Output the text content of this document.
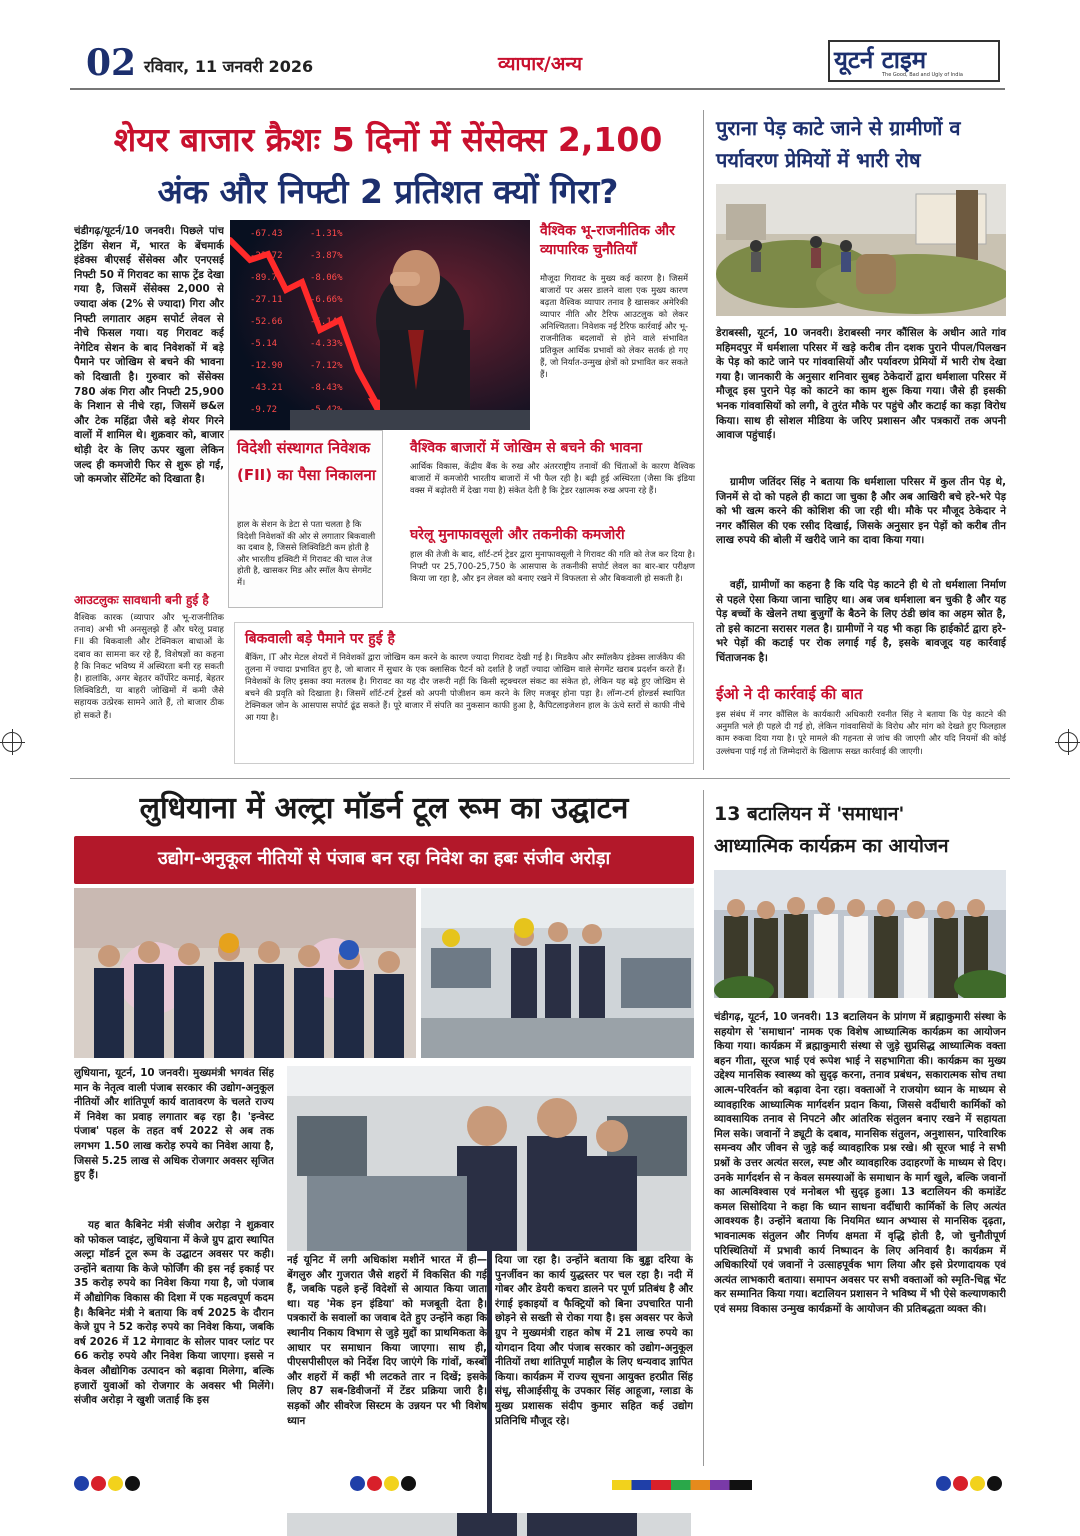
02 रविवार, 11 जनवरी 2026	व्यापार/अन्य	यूटर्न टाइम
The Good, Bad and Ugly of India
शेयर बाजार क्रैशः 5 दिनों में सेंसेक्स 2,100
अंक और निफ्टी 2 प्रतिशत क्यों गिरा?
चंडीगढ़/यूटर्न/10 जनवरी। पिछले पांच ट्रेडिंग सेशन में, भारत के बेंचमार्क इंडेक्स बीएसई सेंसेक्स और एनएसई निफ्टी 50 में गिरावट का साफ ट्रेंड देखा गया है, जिसमें सेंसेक्स 2,000 से ज्यादा अंक (2% से ज्यादा) गिरा और निफ्टी लगातार अहम सपोर्ट लेवल से नीचे फिसल गया। यह गिरावट कई नेगेटिव सेशन के बाद निवेशकों में बड़े पैमाने पर जोखिम से बचने की भावना को दिखाती है। गुरुवार को सेंसेक्स 780 अंक गिरा और निफ्टी 25,900 के निशान से नीचे रहा, जिसमें छ&ल और टेक महिंद्रा जैसे बड़े शेयर गिरने वालों में शामिल थे। शुक्रवार को, बाजार थोड़ी देर के लिए ऊपर खुला लेकिन जल्द ही कमजोरी फिर से शुरू हो गई, जो कमजोर सेंटिमेंट को दिखाता है।
आउटलुकः सावधानी बनी हुई है
वैश्विक कारक (व्यापार और भू-राजनीतिक तनाव) अभी भी अनसुलझे हैं और घरेलू प्रवाह FII की बिकवाली और टेक्निकल बाधाओं के दबाव का सामना कर रहे हैं, विशेषज्ञों का कहना है कि निकट भविष्य में अस्थिरता बनी रह सकती है। हालांकि, अगर बेहतर कॉर्पोरेट कमाई, बेहतर लिक्विडिटी, या बाहरी जोखिमों में कमी जैसे सहायक उत्प्रेरक सामने आते हैं, तो बाजार ठीक हो सकते हैं।
-67.43
-23.72
-89.71
-27.11
-52.66
-5.14
-12.90
-43.21
-9.72
-1.31%
-3.87%
-8.06%
-6.66%
-5.14%
-4.33%
-7.12%
-8.43%
वैश्विक भू-राजनीतिक और व्यापारिक चुनौतियाँ
मौजूदा गिरावट के मुख्य कई कारण है। जिसमें बाजारों पर असर डालने वाला एक मुख्य कारण बढ़ता वैश्विक व्यापार तनाव है खासकर अमेरिकी व्यापार नीति और टैरिफ आउटलुक को लेकर अनिश्चितता। निवेशक नई टैरिफ कार्रवाई और भू-राजनीतिक बदलावों से होने वाले संभावित प्रतिकूल आर्थिक प्रभावों को लेकर सतर्क हो गए हैं, जो निर्यात-उन्मुख क्षेत्रों को प्रभावित कर सकते हैं।
विदेशी संस्थागत निवेशक (FII) का पैसा निकालना
हाल के सेशन के डेटा से पता चलता है कि विदेशी निवेशकों की ओर से लगातार बिकवाली का दबाव है, जिससे लिक्विडिटी कम होती है और भारतीय इक्विटी में गिरावट की चाल तेज होती है, खासकर मिड और स्मॉल कैप सेगमेंट में।
वैश्विक बाजारों में जोखिम से बचने की भावना
आर्थिक विकास, केंद्रीय बैंक के रुख और अंतरराष्ट्रीय तनावों की चिंताओं के कारण वैश्विक बाजारों में कमजोरी भारतीय बाजारों में भी फैल रही है। बढ़ी हुई अस्थिरता (जैसा कि इंडिया वक्स में बढ़ोतरी में देखा गया है) संकेत देती है कि ट्रेडर रक्षात्मक रुख अपना रहे हैं।
घरेलू मुनाफावसूली और तकनीकी कमजोरी
हाल की तेजी के बाद, शॉर्ट-टर्म ट्रेडर द्वारा मुनाफावसूली ने गिरावट की गति को तेज कर दिया है। निफ्टी पर 25,700-25,750 के आसपास के तकनीकी सपोर्ट लेवल का बार-बार परीक्षण किया जा रहा है, और इन लेवल को बनाए रखने में विफलता से और बिकवाली हो सकती है।
बिकवाली बड़े पैमाने पर हुई है
बैंकिंग, IT और मेटल शेयरों में निवेशकों द्वारा जोखिम कम करने के कारण ज्यादा गिरावट देखी गई है। मिडकैप और स्मॉलकैप इंडेक्स लार्जकैप की तुलना में ज्यादा प्रभावित हुए है, जो बाजार में सुधार के एक क्लासिक पैटर्न को दर्शाते है जहाँ ज्यादा जोखिम वाले सेगमेंट खराब प्रदर्शन करते हैं। निवेशकों के लिए इसका क्या मतलब है। गिरावट का यह दौर जरूरी नहीं कि किसी स्ट्रक्चरल संकट का संकेत हो, लेकिन यह बढ़े हुए जोखिम से बचने की प्रवृति को दिखाता है। जिसमें शॉर्ट-टर्म ट्रेडर्स को अपनी पोजीशन कम करने के लिए मजबूर होना पड़ा है। लॉन्ग-टर्म होल्डर्स स्थापित टेक्निकल जोन के आसपास सपोर्ट ढूंढ सकते हैं। पूरे बाजार में संपति का नुकसान काफी हुआ है, कैपिटलाइजेशन हाल के ऊंचे स्तरों से काफी नीचे आ गया है।
पुराना पेड़ काटे जाने से ग्रामीणों व
पर्यावरण प्रेमियों में भारी रोष
डेराबस्सी, यूटर्न, 10 जनवरी। डेराबस्सी नगर कौंसिल के अधीन आते गांव महिमदपुर में धर्मशाला परिसर में खड़े करीब तीन दशक पुराने पीपल/पिलखन के पेड़ को काटे जाने पर गांववासियों और पर्यावरण प्रेमियों में भारी रोष देखा गया है। जानकारी के अनुसार शनिवार सुबह ठेकेदारों द्वारा धर्मशाला परिसर में मौजूद इस पुराने पेड़ को काटने का काम शुरू किया गया। जैसे ही इसकी भनक गांववासियों को लगी, वे तुरंत मौके पर पहुंचे और कटाई का कड़ा विरोध किया। साथ ही सोशल मीडिया के जरिए प्रशासन और पत्रकारों तक अपनी आवाज पहुंचाई।
ग्रामीण जतिंदर सिंह ने बताया कि धर्मशाला परिसर में कुल तीन पेड़ थे, जिनमें से दो को पहले ही काटा जा चुका है और अब आखिरी बचे हरे-भरे पेड़ को भी खत्म करने की कोशिश की जा रही थी। मौके पर मौजूद ठेकेदार ने नगर कौंसिल की एक रसीद दिखाई, जिसके अनुसार इन पेड़ों को करीब तीन लाख रुपये की बोली में खरीदे जाने का दावा किया गया।
वहीं, ग्रामीणों का कहना है कि यदि पेड़ काटने ही थे तो धर्मशाला निर्माण से पहले ऐसा किया जाना चाहिए था। अब जब धर्मशाला बन चुकी है और यह पेड़ बच्चों के खेलने तथा बुजुर्गों के बैठने के लिए ठंडी छांव का अहम स्रोत है, तो इसे काटना सरासर गलत है। ग्रामीणों ने यह भी कहा कि हाईकोर्ट द्वारा हरे-भरे पेड़ों की कटाई पर रोक लगाई गई है, इसके बावजूद यह कार्रवाई चिंताजनक है।
ईओ ने दी कार्रवाई की बात
इस संबंध में नगर कौंसिल के कार्यकारी अधिकारी रवनीत सिंह ने बताया कि पेड़ काटने की अनुमति भले ही पहले दी गई हो, लेकिन गांववासियों के विरोध और मांग को देखते हुए फिलहाल काम रुकवा दिया गया है। पूरे मामले की गहनता से जांच की जाएगी और यदि नियमों की कोई उल्लंघना पाई गई तो जिम्मेदारों के खिलाफ सख्त कार्रवाई की जाएगी।
लुधियाना में अल्ट्रा मॉडर्न टूल रूम का उद्घाटन
उद्योग-अनुकूल नीतियों से पंजाब बन रहा निवेश का हबः संजीव अरोड़ा
लुधियाना, यूटर्न, 10 जनवरी। मुख्यमंत्री भगवंत सिंह मान के नेतृत्व वाली पंजाब सरकार की उद्योग-अनुकूल नीतियों और शांतिपूर्ण कार्य वातावरण के चलते राज्य में निवेश का प्रवाह लगातार बढ़ रहा है। 'इन्वेस्ट पंजाब' पहल के तहत वर्ष 2022 से अब तक लगभग 1.50 लाख करोड़ रुपये का निवेश आया है, जिससे 5.25 लाख से अधिक रोजगार अवसर सृजित हुए हैं।
यह बात कैबिनेट मंत्री संजीव अरोड़ा ने शुक्रवार को फोकल प्वाइंट, लुधियाना में केजे ग्रुप द्वारा स्थापित अल्ट्रा मॉडर्न टूल रूम के उद्घाटन अवसर पर कही। उन्होंने बताया कि केजे फोर्जिंग की इस नई इकाई पर 35 करोड़ रुपये का निवेश किया गया है, जो पंजाब में औद्योगिक विकास की दिशा में एक महत्वपूर्ण कदम है। कैबिनेट मंत्री ने बताया कि वर्ष 2025 के दौरान केजे ग्रुप ने 52 करोड़ रुपये का निवेश किया, जबकि वर्ष 2026 में 12 मेगावाट के सोलर पावर प्लांट पर 66 करोड़ रुपये और निवेश किया जाएगा। इससे न केवल औद्योगिक उत्पादन को बढ़ावा मिलेगा, बल्कि हजारों युवाओं को रोजगार के अवसर भी मिलेंगे। संजीव अरोड़ा ने खुशी जताई कि इस
नई यूनिट में लगी अधिकांश मशीनें भारत में ही—बेंगलुरु और गुजरात जैसे शहरों में विकसित की गई हैं, जबकि पहले इन्हें विदेशों से आयात किया जाता था। यह 'मेक इन इंडिया' को मजबूती देता है। पत्रकारों के सवालों का जवाब देते हुए उन्होंने कहा कि स्थानीय निकाय विभाग से जुड़े मुद्दों का प्राथमिकता के आधार पर समाधान किया जाएगा। साथ ही, पीएसपीसीएल को निर्देश दिए जाएंगे कि गांवों, कस्बों और शहरों में कहीं भी लटकते तार न दिखें; इसके लिए 87 सब-डिवीजनों में टेंडर प्रक्रिया जारी है। सड़कों और सीवरेज सिस्टम के उन्नयन पर भी विशेष ध्यान
दिया जा रहा है। उन्होंने बताया कि बुड्ढा दरिया के पुनर्जीवन का कार्य युद्धस्तर पर चल रहा है। नदी में गोबर और डेयरी कचरा डालने पर पूर्ण प्रतिबंध है और रंगाई इकाइयों व फैक्ट्रियों को बिना उपचारित पानी छोड़ने से सख्ती से रोका गया है। इस अवसर पर केजे ग्रुप ने मुख्यमंत्री राहत कोष में 21 लाख रुपये का योगदान दिया और पंजाब सरकार को उद्योग-अनुकूल नीतियों तथा शांतिपूर्ण माहौल के लिए धन्यवाद ज्ञापित किया। कार्यक्रम में राज्य सूचना आयुक्त हरप्रीत सिंह संधू, सीआईसीयू के उपकार सिंह आहूजा, ग्लाडा के मुख्य प्रशासक संदीप कुमार सहित कई उद्योग प्रतिनिधि मौजूद रहे।
13 बटालियन में 'समाधान'
आध्यात्मिक कार्यक्रम का आयोजन
चंडीगढ़, यूटर्न, 10 जनवरी। 13 बटालियन के प्रांगण में ब्रह्माकुमारी संस्था के सहयोग से 'समाधान' नामक एक विशेष आध्यात्मिक कार्यक्रम का आयोजन किया गया। कार्यक्रम में ब्रह्माकुमारी संस्था से जुड़े सुप्रसिद्ध आध्यात्मिक वक्ता बहन गीता, सूरज भाई एवं रूपेश भाई ने सहभागिता की। कार्यक्रम का मुख्य उद्देश्य मानसिक स्वास्थ्य को सुदृढ़ करना, तनाव प्रबंधन, सकारात्मक सोच तथा आत्म-परिवर्तन को बढ़ावा देना रहा। वक्ताओं ने राजयोग ध्यान के माध्यम से व्यावहारिक आध्यात्मिक मार्गदर्शन प्रदान किया, जिससे वर्दीधारी कार्मिकों को व्यावसायिक तनाव से निपटने और आंतरिक संतुलन बनाए रखने में सहायता मिल सके। जवानों ने ड्यूटी के दबाव, मानसिक संतुलन, अनुशासन, पारिवारिक समन्वय और जीवन से जुड़े कई व्यावहारिक प्रश्न रखे। श्री सूरज भाई ने सभी प्रश्नों के उत्तर अत्यंत सरल, स्पष्ट और व्यावहारिक उदाहरणों के माध्यम से दिए। उनके मार्गदर्शन से न केवल समस्याओं के समाधान के मार्ग खुले, बल्कि जवानों का आत्मविश्वास एवं मनोबल भी सुदृढ़ हुआ। 13 बटालियन की कमांडेंट कमल सिसोदिया ने कहा कि ध्यान साधना वर्दीधारी कार्मिकों के लिए अत्यंत आवश्यक है। उन्होंने बताया कि नियमित ध्यान अभ्यास से मानसिक दृढ़ता, भावनात्मक संतुलन और निर्णय क्षमता में वृद्धि होती है, जो चुनौतीपूर्ण परिस्थितियों में प्रभावी कार्य निष्पादन के लिए अनिवार्य है। कार्यक्रम में अधिकारियों एवं जवानों ने उत्साहपूर्वक भाग लिया और इसे प्रेरणादायक एवं अत्यंत लाभकारी बताया। समापन अवसर पर सभी वक्ताओं को स्मृति-चिह्न भेंट कर सम्मानित किया गया। बटालियन प्रशासन ने भविष्य में भी ऐसे कल्याणकारी एवं समग्र विकास उन्मुख कार्यक्रमों के आयोजन की प्रतिबद्धता व्यक्त की।
